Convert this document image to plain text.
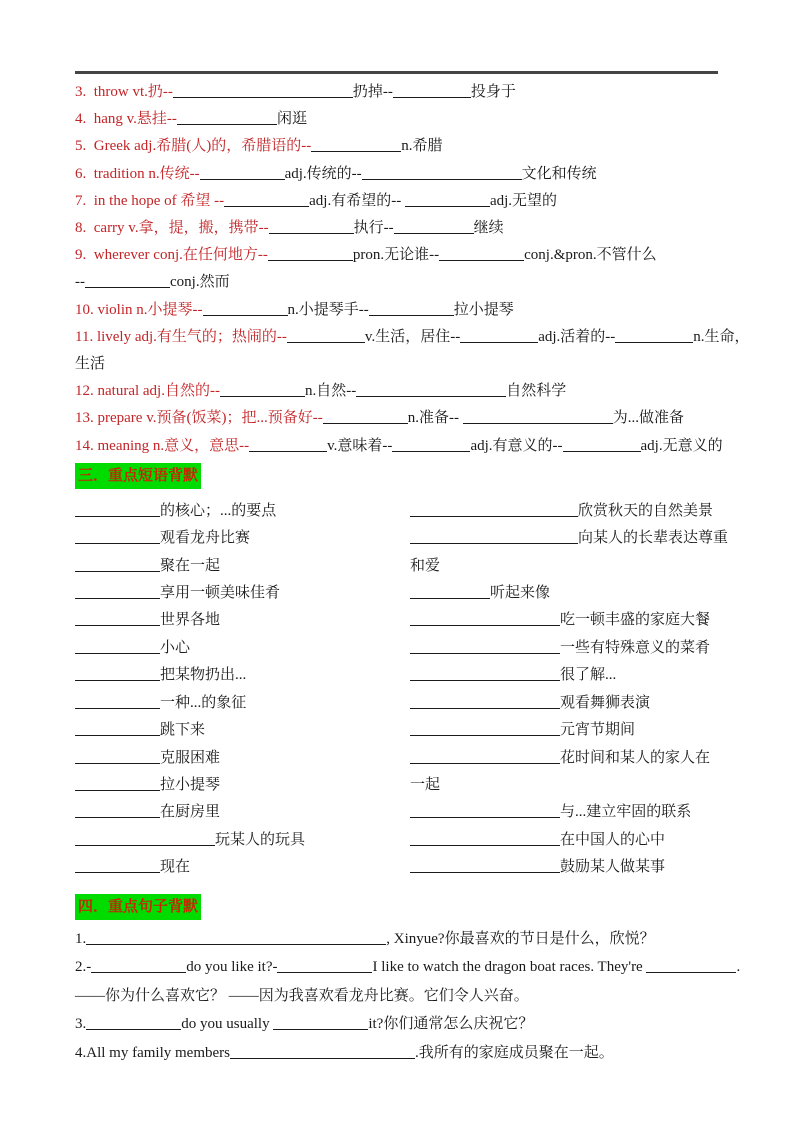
3.  throw vt.扔--	扔掉--	投身于
4.  hang v.悬挂--	闲逛
5.  Greek adj.希腊(人)的，希腊语的--	n.希腊
6.  tradition n.传统--	adj.传统的--	文化和传统
7.  in the hope of 希望 --	adj.有希望的--	adj.无望的
8.  carry v.拿，提，搬，携带--	执行--	继续
9.  wherever conj.在任何地方--	pron.无论谁--	conj.&pron.不管什么
--	conj.然而
10. violin n.小提琴--	n.小提琴手--	拉小提琴
11. lively adj.有生气的；热闹的--	v.生活，居住--	adj.活着的--	n.生命，
生活
12. natural adj.自然的--	n.自然--	自然科学
13. prepare v.预备(饭菜)；把...预备好--	n.准备--	为...做准备
14. meaning n.意义，意思--	v.意味着--	adj.有意义的--	adj.无意义的
三．重点短语背默
的核心；...的要点	欣赏秋天的自然美景
观看龙舟比赛	向某人的长辈表达尊重
聚在一起	和爱
享用一顿美味佳肴	听起来像
世界各地	吃一顿丰盛的家庭大餐
小心	一些有特殊意义的菜肴
把某物扔出...	很了解...
一种...的象征	观看舞狮表演
跳下来	元宵节期间
克服困难	花时间和某人的家人在
拉小提琴	一起
在厨房里	与...建立牢固的联系
玩某人的玩具	在中国人的心中
现在	鼓励某人做某事
四．重点句子背默
1.	, Xinyue?你最喜欢的节日是什么，欣悦？
2.-	do you like it?-	I like to watch the dragon boat races. They're	.
——你为什么喜欢它？ ——因为我喜欢看龙舟比赛。它们令人兴奋。
3.	do you usually	it?你们通常怎么庆祝它？
4.All my family members	.我所有的家庭成员聚在一起。
